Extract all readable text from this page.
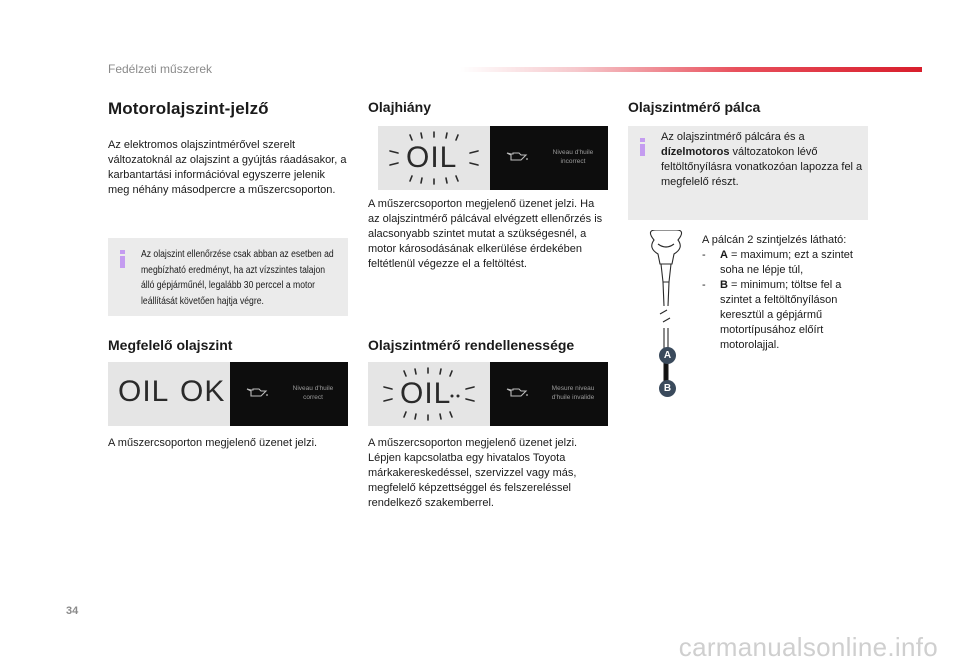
Fedélzeti műszerek
Motorolajszint-jelző
Az elektromos olajszintmérővel szerelt változatoknál az olajszint a gyújtás ráadásakor, a karbantartási információval egyszerre jelenik meg néhány másodpercre a műszercsoporton.
Az olajszint ellenőrzése csak abban az esetben ad megbízható eredményt, ha azt vízszintes talajon álló gépjárműnél, legalább 30 perccel a motor leállítását követően hajtja végre.
Megfelelő olajszint
OIL OK	Niveau d'huile correct
A műszercsoporton megjelenő üzenet jelzi.
Olajhiány
OIL	Niveau d'huile incorrect
A műszercsoporton megjelenő üzenet jelzi. Ha az olajszintmérő pálcával elvégzett ellenőrzés is alacsonyabb szintet mutat a szükségesnél, a motor károsodásának elkerülése érdekében feltétlenül végezze el a feltöltést.
Olajszintmérő rendellenessége
OIL	Mesure niveau d'huile invalide
A műszercsoporton megjelenő üzenet jelzi. Lépjen kapcsolatba egy hivatalos Toyota márkakereskedéssel, szervizzel vagy más, megfelelő képzettséggel és felszereléssel rendelkező szakemberrel.
Olajszintmérő pálca
Az olajszintmérő pálcára és a dízelmotoros változatokon lévő feltöltőnyílásra vonatkozóan lapozza fel a megfelelő részt.
A
B
A pálcán 2 szintjelzés látható:
-	A = maximum; ezt a szintet soha ne lépje túl,
-	B = minimum; töltse fel a szintet a feltöltőnyíláson keresztül a gépjármű motortípusához előírt motorolajjal.
34
carmanualsonline.info
